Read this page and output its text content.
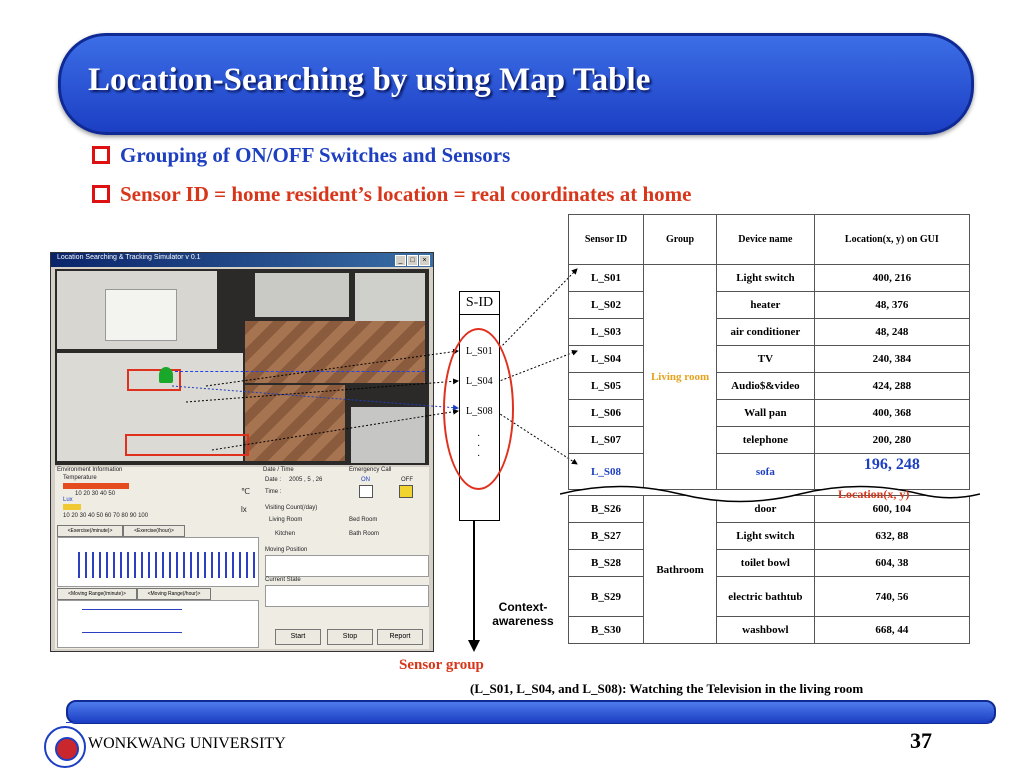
Location-Searching by using Map Table
Grouping of ON/OFF Switches and Sensors
Sensor ID = home resident’s location = real coordinates at home
Location Searching & Tracking Simulator v 0.1	_	□	×
Environment Information
Temperature
10 20 30 40 50	℃
Lux
10 20 30 40 50 60 70 80 90 100
lx
<Exercise(/minute)>	<Exercise(/hour)>
<Moving Range(/minute)>	<Moving Range(/hour)>
Date / Time
Date : 2005 , 5 , 26
Time :
Emergency Call
ON	OFF
Visiting Count(/day)
Living Room	Bed Room
Kitchen	Bath Room
Moving Position
Current State
Start	Stop	Report
S-ID
L_S01
L_S04
L_S08
·
·
·
Sensor ID	Group	Device name	Location(x, y) on GUI
L_S01	Living room	Light switch	400, 216
L_S02		heater	48, 376
L_S03		air conditioner	48, 248
L_S04		TV	240, 384
L_S05		Audio$&video	424, 288
L_S06		Wall pan	400, 368
L_S07		telephone	200, 280
L_S08		sofa	196, 248

B_S26	Bathroom	door	600, 104
B_S27		Light switch	632, 88
B_S28		toilet bowl	604, 38
B_S29		electric bathtub	740, 56
B_S30		washbowl	668, 44
Location(x, y)
Context-awareness
Sensor group
(L_S01, L_S04, and L_S08): Watching the Television in the living room
WONKWANG UNIVERSITY	37
